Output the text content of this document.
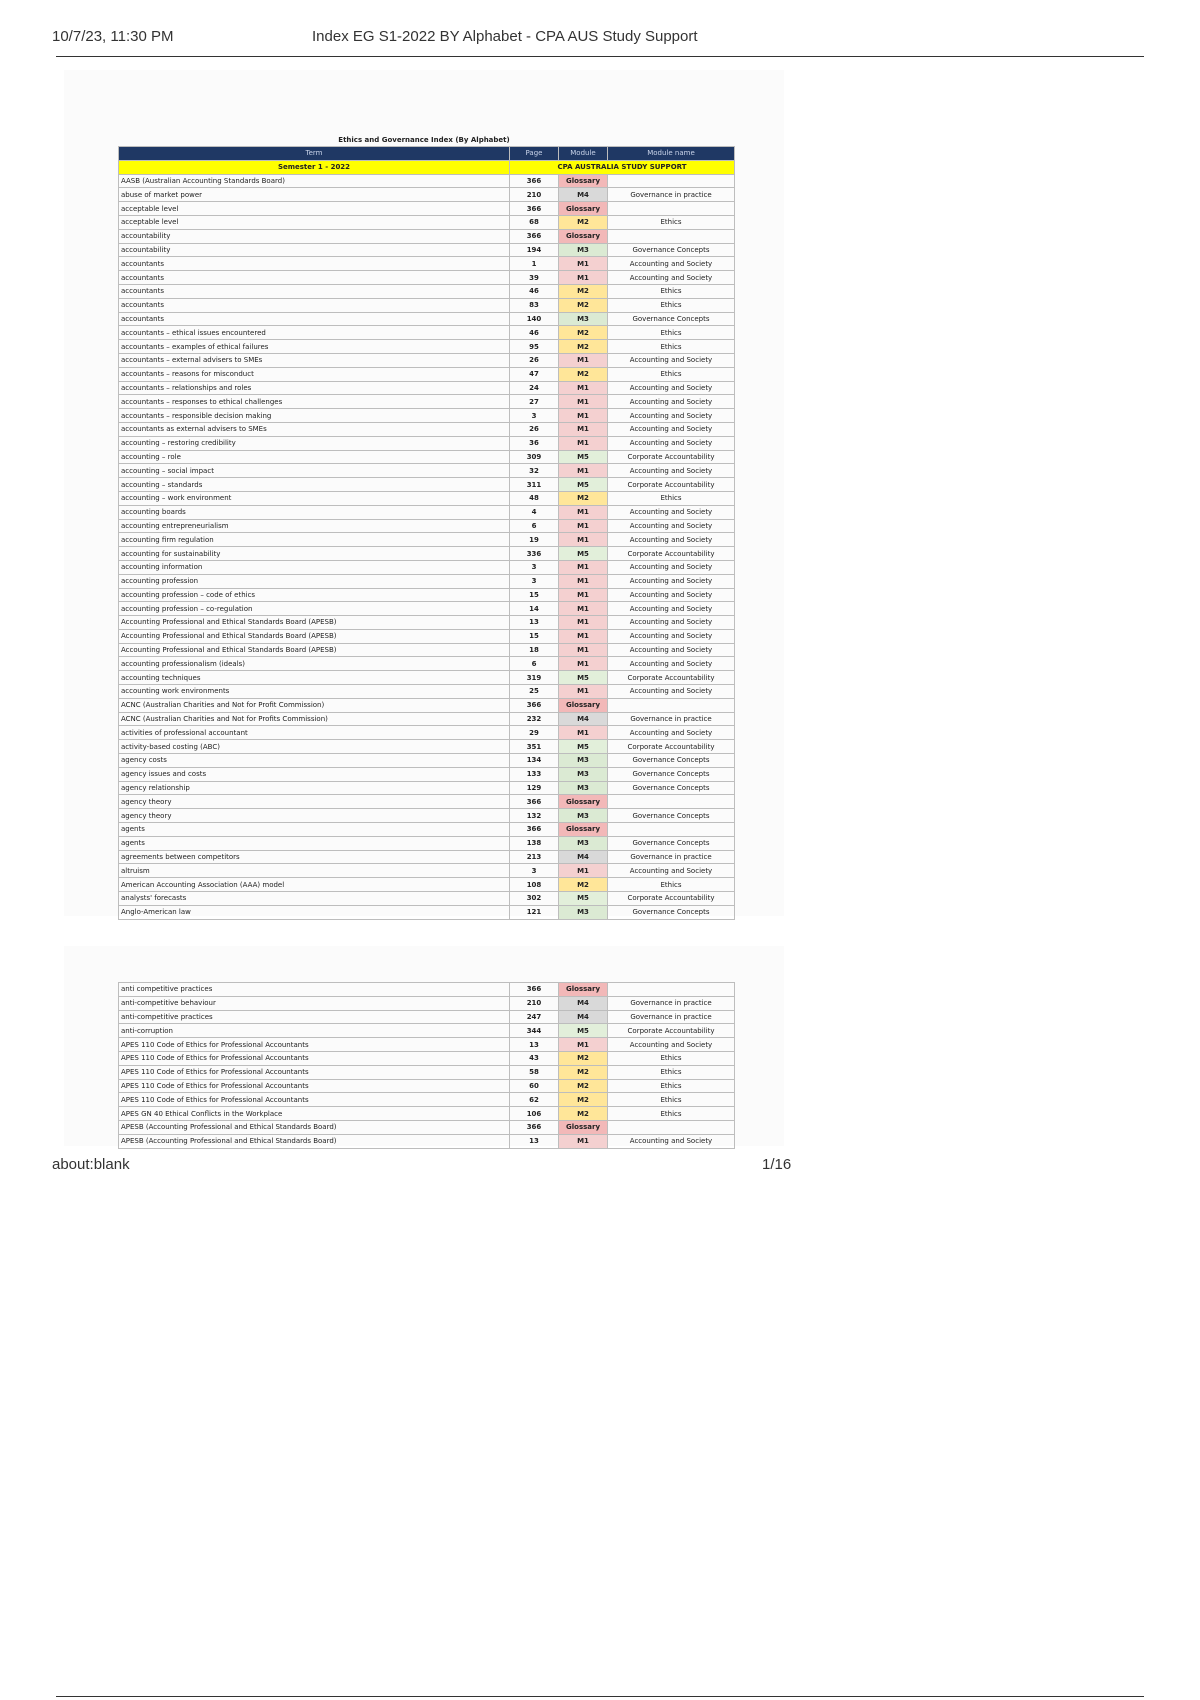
10/7/23, 11:30 PM	Index EG S1-2022 BY Alphabet - CPA AUS Study Support
Ethics and Governance Index (By Alphabet)
Term	Page	Module	Module name
Semester 1 - 2022	CPA AUSTRALIA STUDY SUPPORT		
AASB (Australian Accounting Standards Board)	366	Glossary	
abuse of market power	210	M4	Governance in practice
acceptable level	366	Glossary	
acceptable level	68	M2	Ethics
accountability	366	Glossary	
accountability	194	M3	Governance Concepts
accountants	1	M1	Accounting and Society
accountants	39	M1	Accounting and Society
accountants	46	M2	Ethics
accountants	83	M2	Ethics
accountants	140	M3	Governance Concepts
accountants – ethical issues encountered	46	M2	Ethics
accountants – examples of ethical failures	95	M2	Ethics
accountants – external advisers to SMEs	26	M1	Accounting and Society
accountants – reasons for misconduct	47	M2	Ethics
accountants – relationships and roles	24	M1	Accounting and Society
accountants – responses to ethical challenges	27	M1	Accounting and Society
accountants – responsible decision making	3	M1	Accounting and Society
accountants as external advisers to SMEs	26	M1	Accounting and Society
accounting – restoring credibility	36	M1	Accounting and Society
accounting – role	309	M5	Corporate Accountability
accounting – social impact	32	M1	Accounting and Society
accounting – standards	311	M5	Corporate Accountability
accounting – work environment	48	M2	Ethics
accounting boards	4	M1	Accounting and Society
accounting entrepreneurialism	6	M1	Accounting and Society
accounting firm regulation	19	M1	Accounting and Society
accounting for sustainability	336	M5	Corporate Accountability
accounting information	3	M1	Accounting and Society
accounting profession	3	M1	Accounting and Society
accounting profession – code of ethics	15	M1	Accounting and Society
accounting profession – co-regulation	14	M1	Accounting and Society
Accounting Professional and Ethical Standards Board (APESB)	13	M1	Accounting and Society
Accounting Professional and Ethical Standards Board (APESB)	15	M1	Accounting and Society
Accounting Professional and Ethical Standards Board (APESB)	18	M1	Accounting and Society
accounting professionalism (ideals)	6	M1	Accounting and Society
accounting techniques	319	M5	Corporate Accountability
accounting work environments	25	M1	Accounting and Society
ACNC (Australian Charities and Not for Profit Commission)	366	Glossary	
ACNC (Australian Charities and Not for Profits Commission)	232	M4	Governance in practice
activities of professional accountant	29	M1	Accounting and Society
activity-based costing (ABC)	351	M5	Corporate Accountability
agency costs	134	M3	Governance Concepts
agency issues and costs	133	M3	Governance Concepts
agency relationship	129	M3	Governance Concepts
agency theory	366	Glossary	
agency theory	132	M3	Governance Concepts
agents	366	Glossary	
agents	138	M3	Governance Concepts
agreements between competitors	213	M4	Governance in practice
altruism	3	M1	Accounting and Society
American Accounting Association (AAA) model	108	M2	Ethics
analysts' forecasts	302	M5	Corporate Accountability
Anglo-American law	121	M3	Governance Concepts
anti competitive practices	366	Glossary	
anti-competitive behaviour	210	M4	Governance in practice
anti-competitive practices	247	M4	Governance in practice
anti-corruption	344	M5	Corporate Accountability
APES 110 Code of Ethics for Professional Accountants	13	M1	Accounting and Society
APES 110 Code of Ethics for Professional Accountants	43	M2	Ethics
APES 110 Code of Ethics for Professional Accountants	58	M2	Ethics
APES 110 Code of Ethics for Professional Accountants	60	M2	Ethics
APES 110 Code of Ethics for Professional Accountants	62	M2	Ethics
APES GN 40 Ethical Conflicts in the Workplace	106	M2	Ethics
APESB (Accounting Professional and Ethical Standards Board)	366	Glossary	
APESB (Accounting Professional and Ethical Standards Board)	13	M1	Accounting and Society
about:blank	1/16
